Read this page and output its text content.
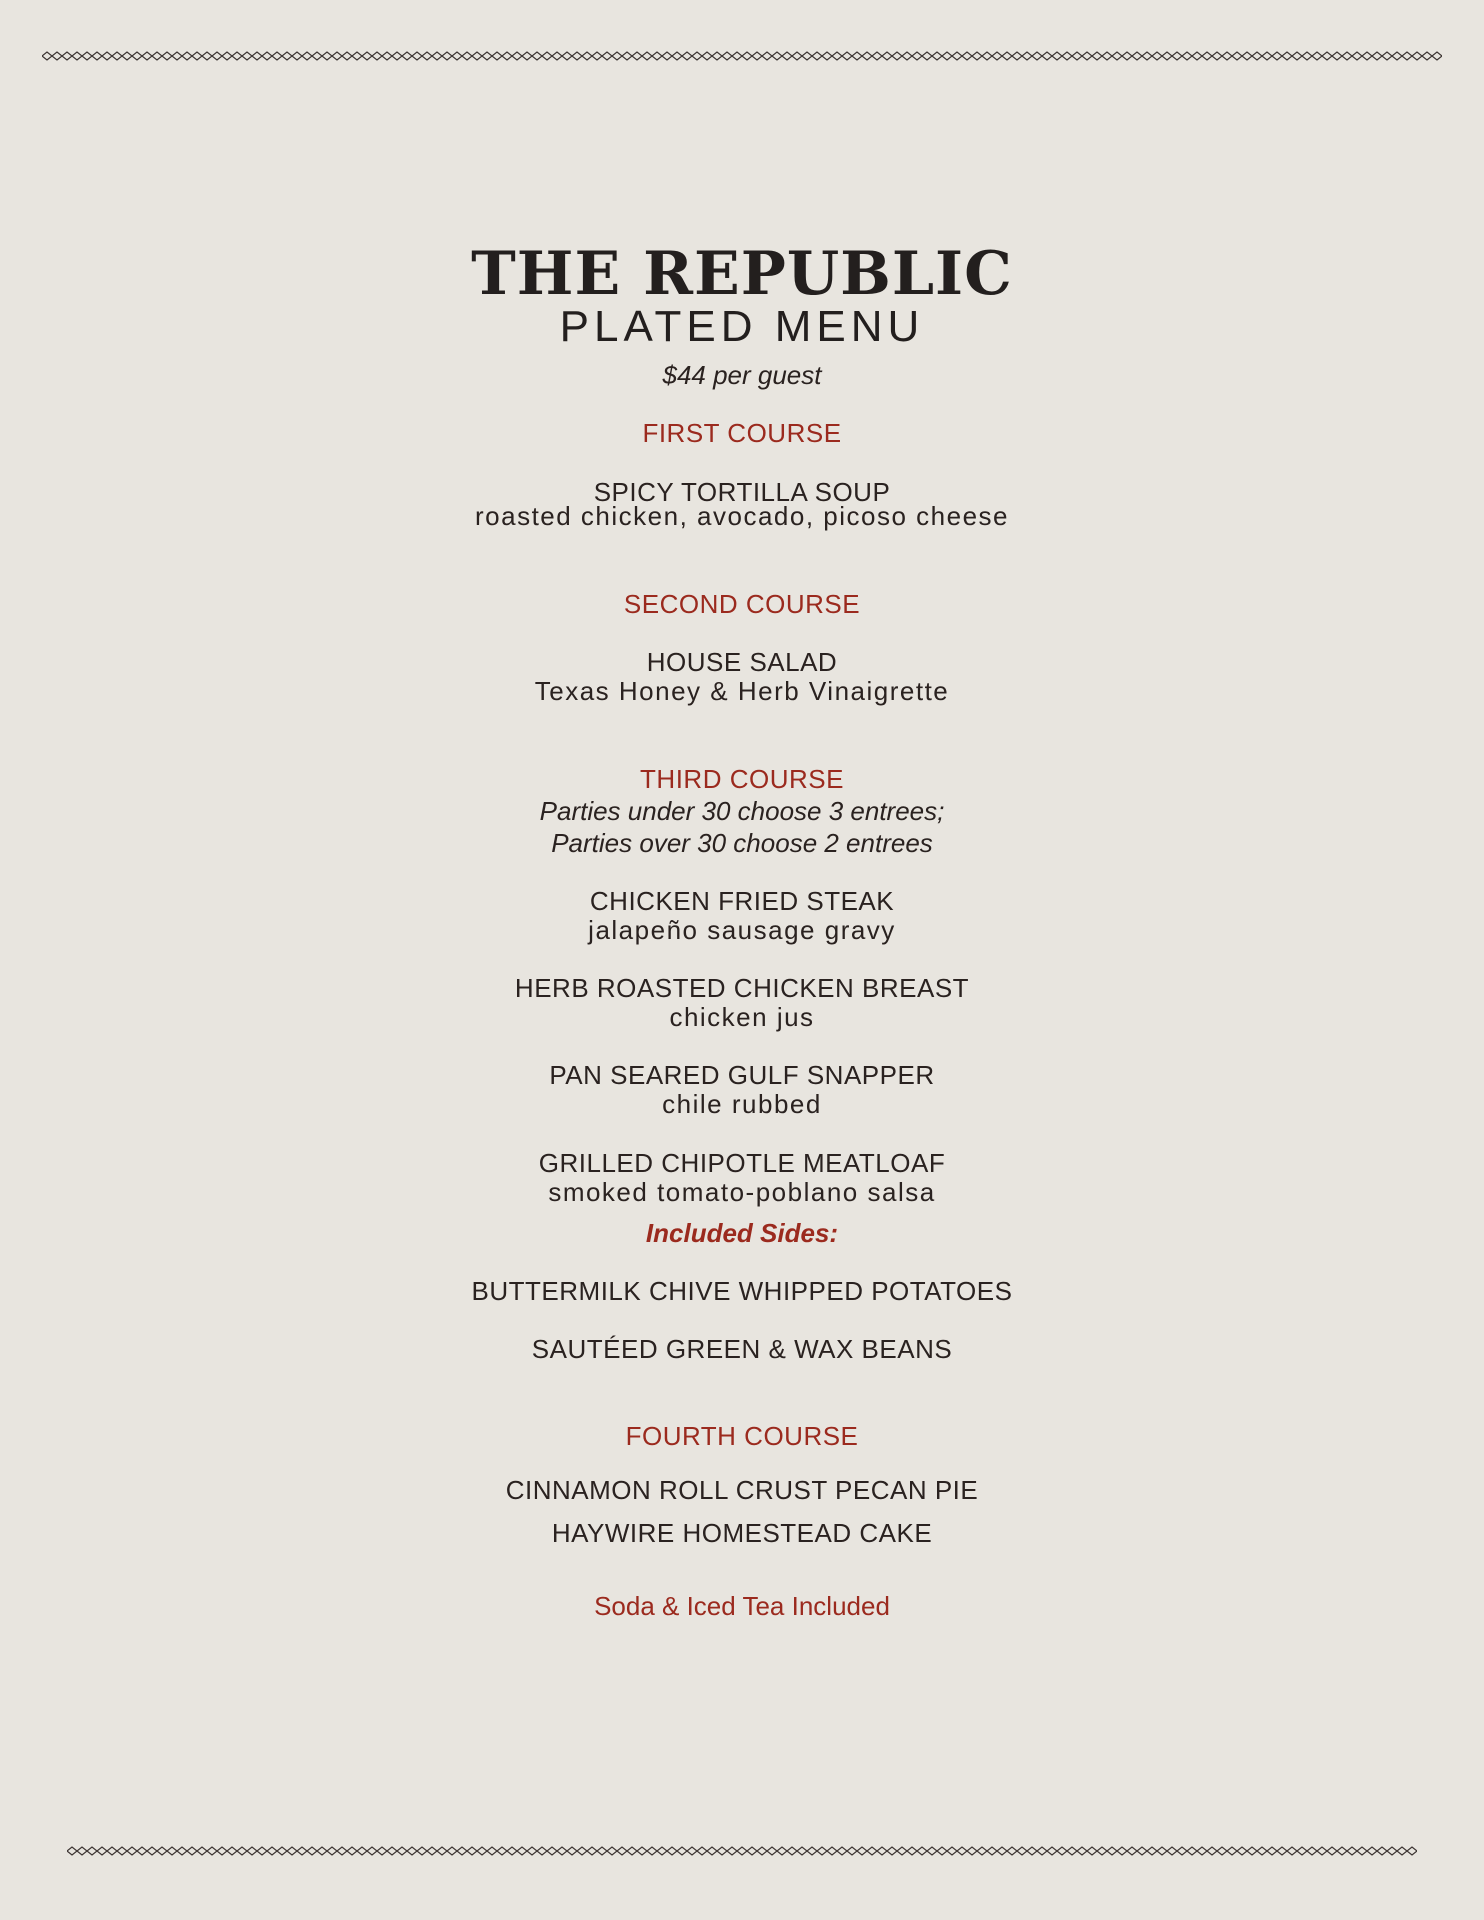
THE REPUBLIC
PLATED MENU
$44 per guest
FIRST COURSE
SPICY TORTILLA SOUP
roasted chicken, avocado, picoso cheese
SECOND COURSE
HOUSE SALAD
Texas Honey & Herb Vinaigrette
THIRD COURSE
Parties under 30 choose 3 entrees;
Parties over 30 choose 2 entrees
CHICKEN FRIED STEAK
jalapeño sausage gravy
HERB ROASTED CHICKEN BREAST
chicken jus
PAN SEARED GULF SNAPPER
chile rubbed
GRILLED CHIPOTLE MEATLOAF
smoked tomato-poblano salsa
Included Sides:
BUTTERMILK CHIVE WHIPPED POTATOES
SAUTÉED GREEN & WAX BEANS
FOURTH COURSE
CINNAMON ROLL CRUST PECAN PIE
HAYWIRE HOMESTEAD CAKE
Soda & Iced Tea Included
